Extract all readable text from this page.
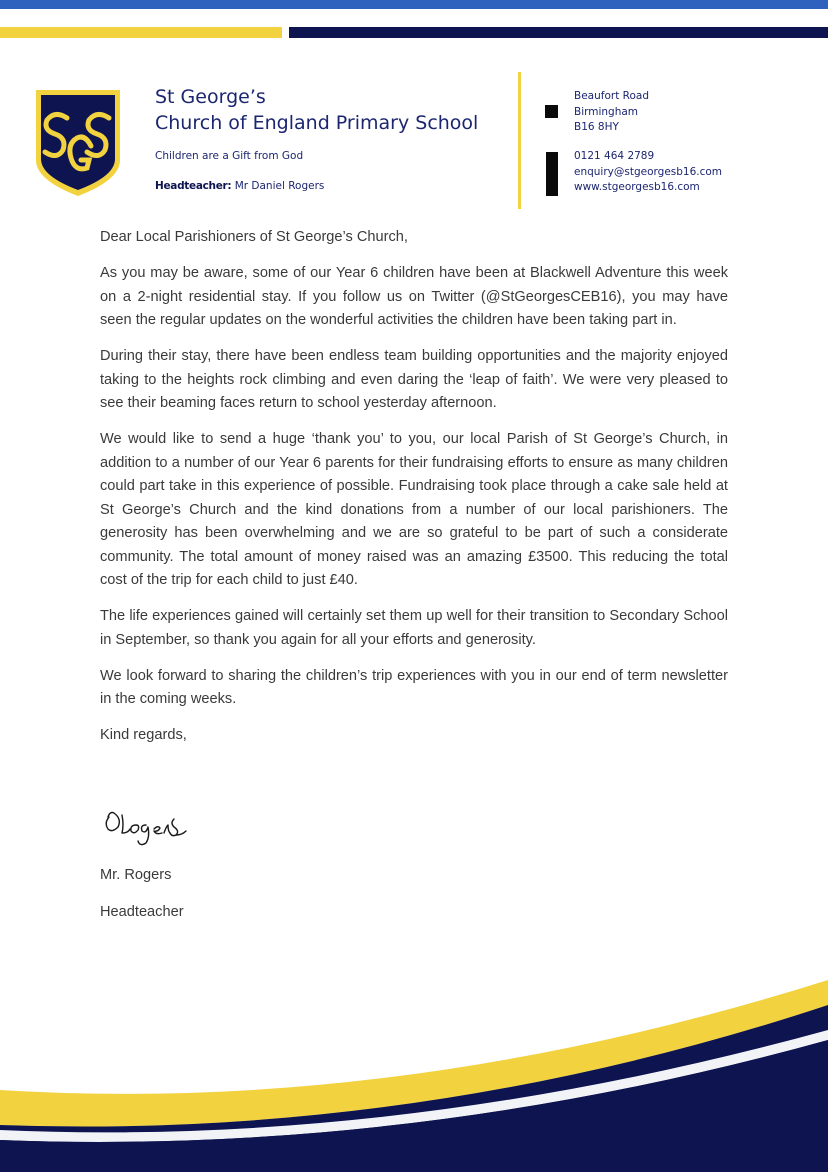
St George’s
Church of England Primary School
Children are a Gift from God
Headteacher: Mr Daniel Rogers
Beaufort Road
Birmingham
B16 8HY
0121 464 2789
enquiry@stgeorgesb16.com
www.stgeorgesb16.com

Dear Local Parishioners of St George’s Church,

As you may be aware, some of our Year 6 children have been at Blackwell Adventure this week on a 2-night residential stay. If you follow us on Twitter (@StGeorgesCEB16), you may have seen the regular updates on the wonderful activities the children have been taking part in.

During their stay, there have been endless team building opportunities and the majority enjoyed taking to the heights rock climbing and even daring the ‘leap of faith’. We were very pleased to see their beaming faces return to school yesterday afternoon.

We would like to send a huge ‘thank you’ to you, our local Parish of St George’s Church, in addition to a number of our Year 6 parents for their fundraising efforts to ensure as many children could part take in this experience of possible. Fundraising took place through a cake sale held at St George’s Church and the kind donations from a number of our local parishioners. The generosity has been overwhelming and we are so grateful to be part of such a considerate community. The total amount of money raised was an amazing £3500. This reducing the total cost of the trip for each child to just £40.

The life experiences gained will certainly set them up well for their transition to Secondary School in September, so thank you again for all your efforts and generosity.

We look forward to sharing the children’s trip experiences with you in our end of term newsletter in the coming weeks.

Kind regards,

Mr. Rogers
Headteacher
